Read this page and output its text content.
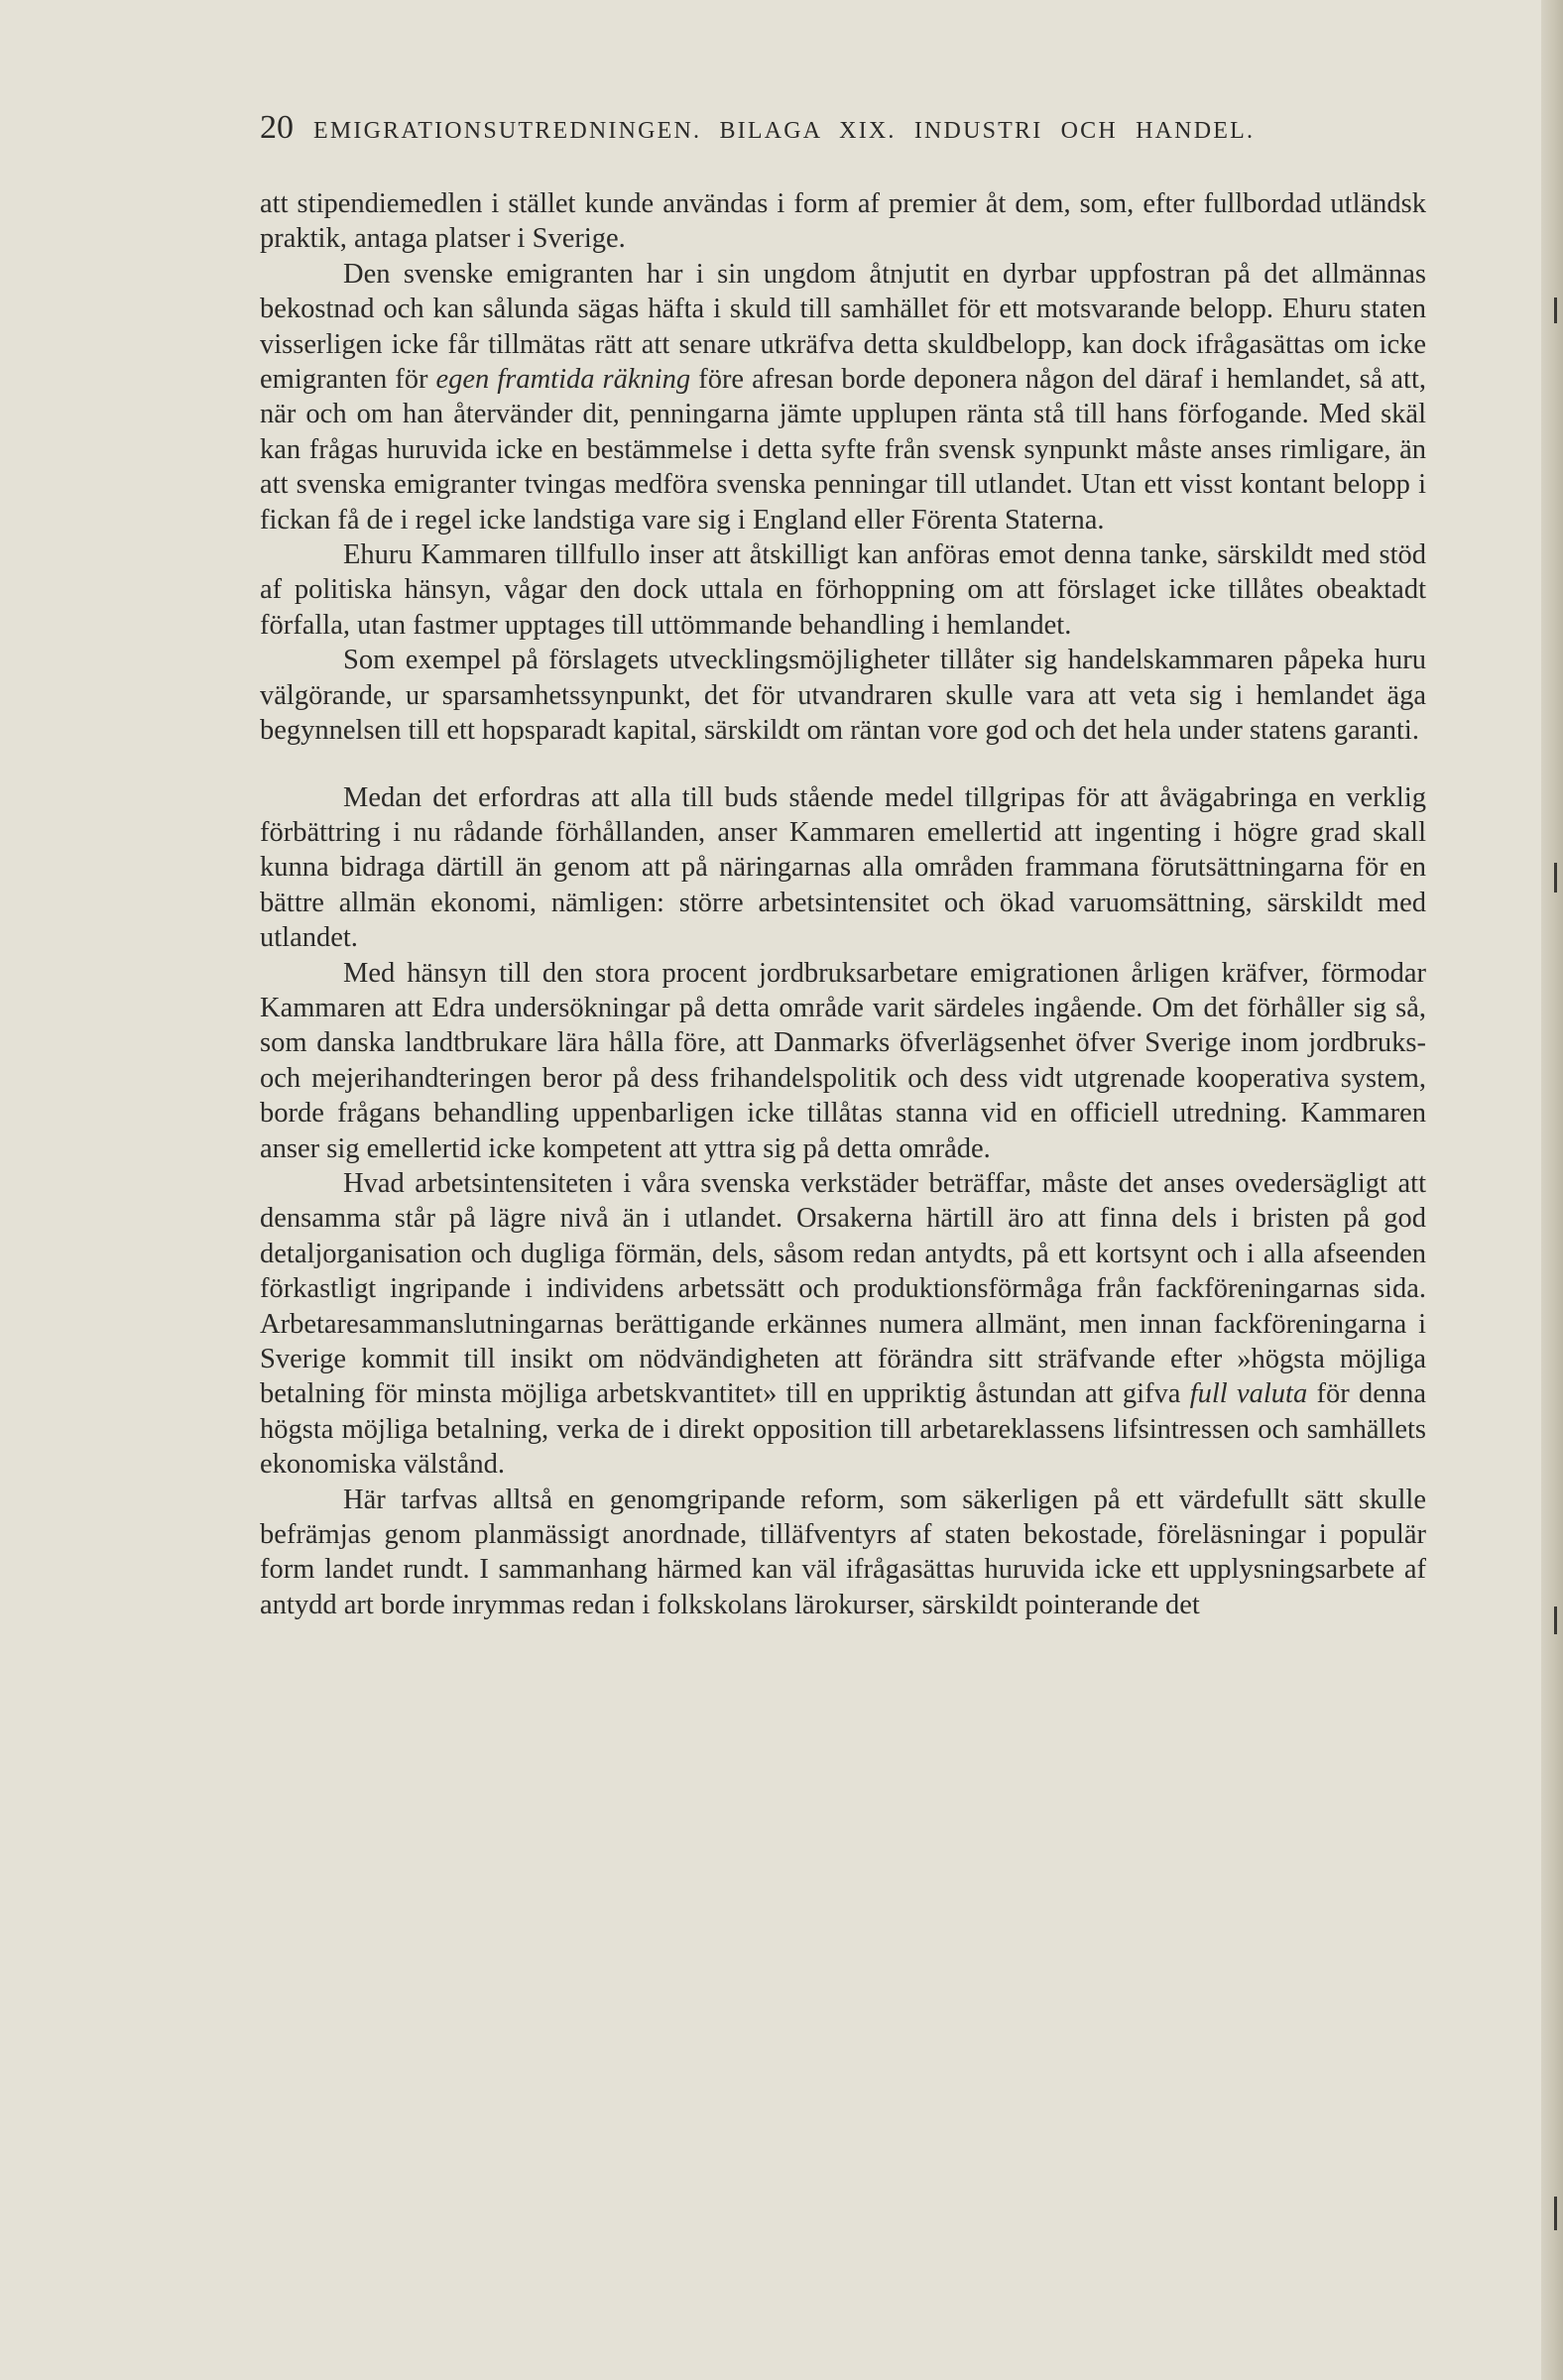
20 EMIGRATIONSUTREDNINGEN. BILAGA XIX. INDUSTRI OCH HANDEL.

att stipendiemedlen i stället kunde användas i form af premier åt dem, som, efter fullbordad utländsk praktik, antaga platser i Sverige.

Den svenske emigranten har i sin ungdom åtnjutit en dyrbar uppfostran på det allmännas bekostnad och kan sålunda sägas häfta i skuld till samhället för ett motsvarande belopp. Ehuru staten visserligen icke får tillmätas rätt att senare utkräfva detta skuldbelopp, kan dock ifrågasättas om icke emigranten för egen framtida räkning före afresan borde deponera någon del däraf i hemlandet, så att, när och om han återvänder dit, penningarna jämte upplupen ränta stå till hans förfogande. Med skäl kan frågas huruvida icke en bestämmelse i detta syfte från svensk synpunkt måste anses rimligare, än att svenska emigranter tvingas medföra svenska penningar till utlandet. Utan ett visst kontant belopp i fickan få de i regel icke landstiga vare sig i England eller Förenta Staterna.

Ehuru Kammaren tillfullo inser att åtskilligt kan anföras emot denna tanke, särskildt med stöd af politiska hänsyn, vågar den dock uttala en förhoppning om att förslaget icke tillåtes obeaktadt förfalla, utan fastmer upptages till uttömmande behandling i hemlandet.

Som exempel på förslagets utvecklingsmöjligheter tillåter sig handelskammaren påpeka huru välgörande, ur sparsamhetssynpunkt, det för utvandraren skulle vara att veta sig i hemlandet äga begynnelsen till ett hopsparadt kapital, särskildt om räntan vore god och det hela under statens garanti.

Medan det erfordras att alla till buds stående medel tillgripas för att åvägabringa en verklig förbättring i nu rådande förhållanden, anser Kammaren emellertid att ingenting i högre grad skall kunna bidraga därtill än genom att på näringarnas alla områden frammana förutsättningarna för en bättre allmän ekonomi, nämligen: större arbetsintensitet och ökad varuomsättning, särskildt med utlandet.

Med hänsyn till den stora procent jordbruksarbetare emigrationen årligen kräfver, förmodar Kammaren att Edra undersökningar på detta område varit särdeles ingående. Om det förhåller sig så, som danska landtbrukare lära hålla före, att Danmarks öfverlägsenhet öfver Sverige inom jordbruks- och mejerihandteringen beror på dess frihandelspolitik och dess vidt utgrenade kooperativa system, borde frågans behandling uppenbarligen icke tillåtas stanna vid en officiell utredning. Kammaren anser sig emellertid icke kompetent att yttra sig på detta område.

Hvad arbetsintensiteten i våra svenska verkstäder beträffar, måste det anses ovedersägligt att densamma står på lägre nivå än i utlandet. Orsakerna härtill äro att finna dels i bristen på god detaljorganisation och dugliga förmän, dels, såsom redan antydts, på ett kortsynt och i alla afseenden förkastligt ingripande i individens arbetssätt och produktionsförmåga från fackföreningarnas sida. Arbetaresammanslutningarnas berättigande erkännes numera allmänt, men innan fackföreningarna i Sverige kommit till insikt om nödvändigheten att förändra sitt sträfvande efter »högsta möjliga betalning för minsta möjliga arbetskvantitet» till en uppriktig åstundan att gifva full valuta för denna högsta möjliga betalning, verka de i direkt opposition till arbetareklassens lifsintressen och samhällets ekonomiska välstånd.

Här tarfvas alltså en genomgripande reform, som säkerligen på ett värdefullt sätt skulle befrämjas genom planmässigt anordnade, tilläfventyrs af staten bekostade, föreläsningar i populär form landet rundt. I sammanhang härmed kan väl ifrågasättas huruvida icke ett upplysningsarbete af antydd art borde inrymmas redan i folkskolans lärokurser, särskildt pointerande det
